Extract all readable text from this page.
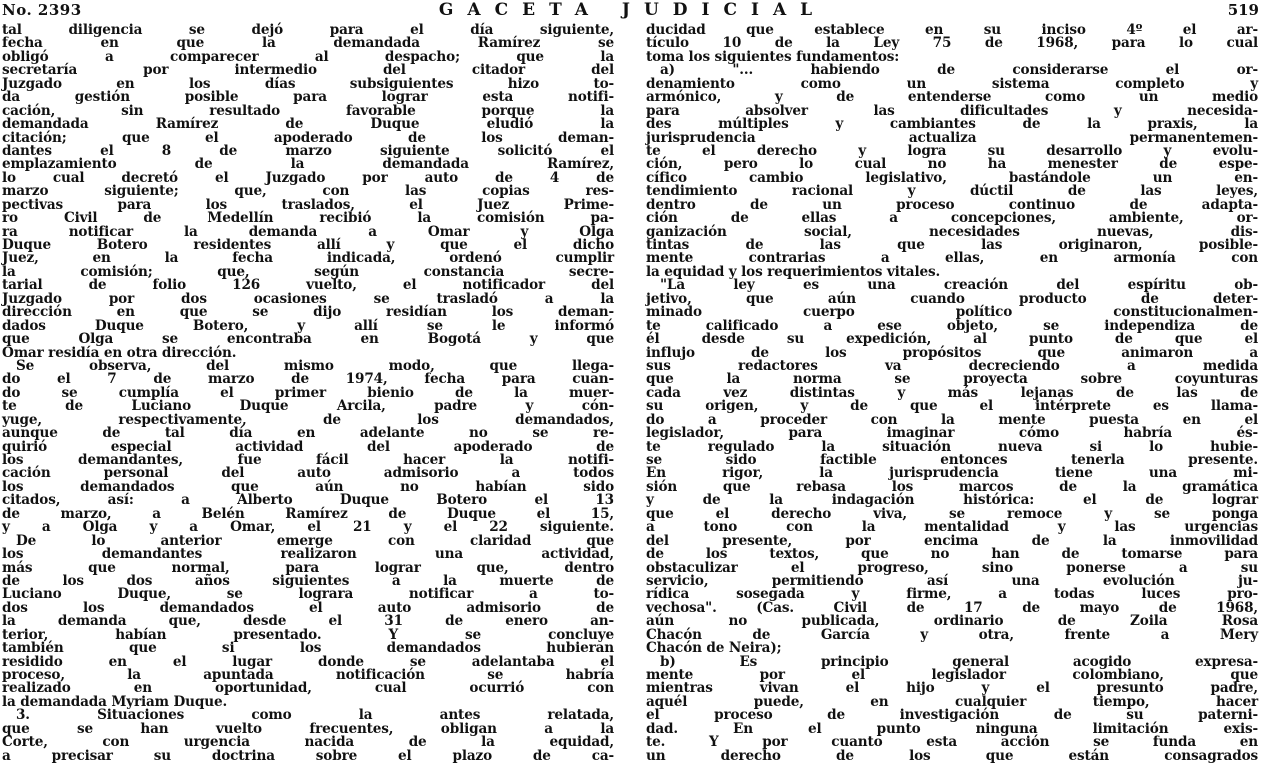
No. 2393	GACETA JUDICIAL	519
tal diligencia se dejó para el día siguiente,
fecha en que la demandada Ramírez se
obligó a comparecer al despacho; que la
secretaría por intermedio del citador del
Juzgado en los días subsiguientes hizo to-
da gestión posible para lograr esta notifi-
cación, sin resultado favorable porque la
demandada Ramírez de Duque eludió la
citación; que el apoderado de los deman-
dantes el 8 de marzo siguiente solicitó el
emplazamiento de la demandada Ramírez,
lo cual decretó el Juzgado por auto de 4 de
marzo siguiente; que, con las copias res-
pectivas para los traslados, el Juez Prime-
ro Civil de Medellín recibió la comisión pa-
ra notificar la demanda a Omar y Olga
Duque Botero residentes allí y que el dicho
Juez, en la fecha indicada, ordenó cumplir
la comisión; que, según constancia secre-
tarial de folio 126 vuelto, el notificador del
Juzgado por dos ocasiones se trasladó a la
dirección en que se dijo residían los deman-
dados Duque Botero, y allí se le informó
que Olga se encontraba en Bogotá y que
Omar residía en otra dirección.
Se observa, del mismo modo, que llega-
do el 7 de marzo de 1974, fecha para cuan-
do se cumplía el primer bienio de la muer-
te de Luciano Duque Arcila, padre y cón-
yuge, respectivamente, de los demandados,
aunque de tal día en adelante no se re-
quirió especial actividad del apoderado de
los demandantes, fue fácil hacer la notifi-
cación personal del auto admisorio a todos
los demandados que aún no habían sido
citados, así: a Alberto Duque Botero el 13
de marzo, a Belén Ramírez de Duque el 15,
y a Olga y a Omar, el 21 y el 22 siguiente.
De lo anterior emerge con claridad que
los demandantes realizaron una actividad,
más que normal, para lograr que, dentro
de los dos años siguientes a la muerte de
Luciano Duque, se lograra notificar a to-
dos los demandados el auto admisorio de
la demanda que, desde el 31 de enero an-
terior, habían presentado. Y se concluye
también que si los demandados hubieran
residido en el lugar donde se adelantaba el
proceso, la apuntada notificación se habría
realizado en oportunidad, cual ocurrió con
la demandada Myriam Duque.
3. Situaciones como la antes relatada,
que se han vuelto frecuentes, obligan a la
Corte, con urgencia nacida de la equidad,
a precisar su doctrina sobre el plazo de ca-
ducidad que establece en su inciso 4º el ar-
tículo 10 de la Ley 75 de 1968, para lo cual
toma los siguientes fundamentos:
a) "... habiendo de considerarse el or-
denamiento como un sistema completo y
armónico, y de entenderse como un medio
para absolver las dificultades y necesida-
des múltiples y cambiantes de la praxis, la
jurisprudencia actualiza permanentemen-
te el derecho y logra su desarrollo y evolu-
ción, pero lo cual no ha menester de espe-
cífico cambio legislativo, bastándole un en-
tendimiento racional y dúctil de las leyes,
dentro de un proceso continuo de adapta-
ción de ellas a concepciones, ambiente, or-
ganización social, necesidades nuevas, dis-
tintas de las que las originaron, posible-
mente contrarias a ellas, en armonía con
la equidad y los requerimientos vitales.
"La ley es una creación del espíritu ob-
jetivo, que aún cuando producto de deter-
minado cuerpo político constitucionalmen-
te calificado a ese objeto, se independiza de
él desde su expedición, al punto de que el
influjo de los propósitos que animaron a
sus redactores va decreciendo a medida
que la norma se proyecta sobre coyunturas
cada vez distintas y más lejanas de las de
su origen, y de que el intérprete es llama-
do a proceder con la mente puesta en el
legislador, para imaginar cómo habría és-
te regulado la situación nueva si lo hubie-
se sido factible entonces tenerla presente.
En rigor, la jurisprudencia tiene una mi-
sión que rebasa los marcos de la gramática
y de la indagación histórica: el de lograr
que el derecho viva, se remoce y se ponga
a tono con la mentalidad y las urgencias
del presente, por encima de la inmovilidad
de los textos, que no han de tomarse para
obstaculizar el progreso, sino ponerse a su
servicio, permitiendo así una evolución ju-
rídica sosegada y firme, a todas luces pro-
vechosa". (Cas. Civil de 17 de mayo de 1968,
aún no publicada, ordinario de Zoila Rosa
Chacón de García y otra, frente a Mery
Chacón de Neira);
b) Es principio general acogido expresa-
mente por el legislador colombiano, que
mientras vivan el hijo y el presunto padre,
aquél puede, en cualquier tiempo, hacer
el proceso de investigación de su paterni-
dad. En el punto ninguna limitación exis-
te. Y por cuanto esta acción se funda en
un derecho de los que están consagrados
